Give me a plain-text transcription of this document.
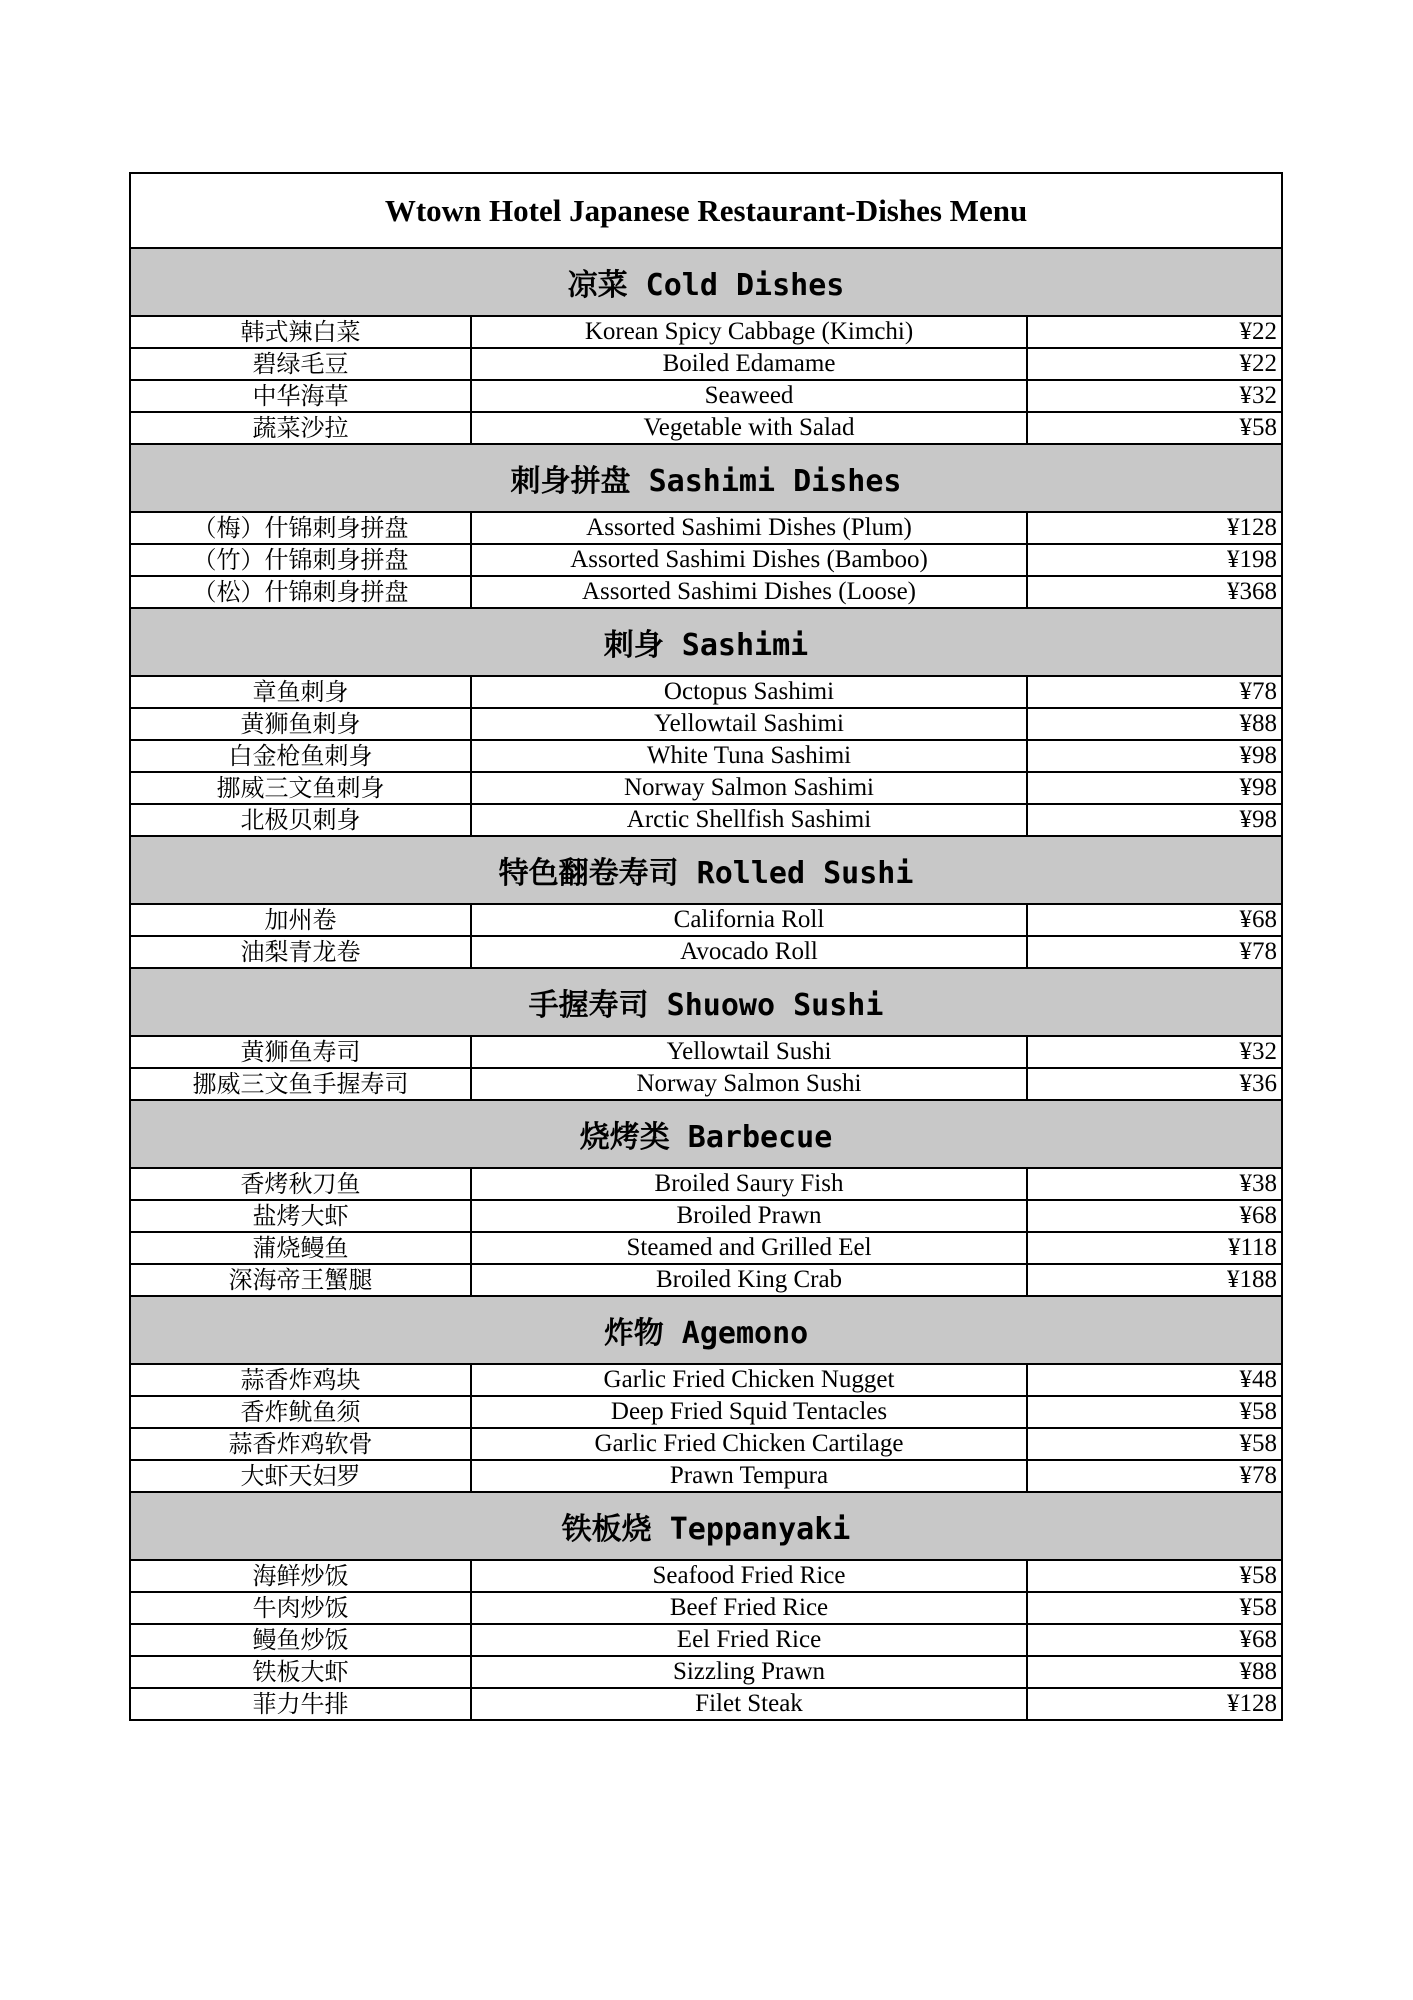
Wtown Hotel Japanese Restaurant-Dishes Menu		
凉菜 Cold Dishes		
韩式辣白菜	Korean Spicy Cabbage (Kimchi)	¥22
碧绿毛豆	Boiled Edamame	¥22
中华海草	Seaweed	¥32
蔬菜沙拉	Vegetable with Salad	¥58
刺身拼盘 Sashimi Dishes		
（梅）什锦刺身拼盘	Assorted Sashimi Dishes (Plum)	¥128
（竹）什锦刺身拼盘	Assorted Sashimi Dishes (Bamboo)	¥198
（松）什锦刺身拼盘	Assorted Sashimi Dishes (Loose)	¥368
刺身 Sashimi		
章鱼刺身	Octopus Sashimi	¥78
黄狮鱼刺身	Yellowtail Sashimi	¥88
白金枪鱼刺身	White Tuna Sashimi	¥98
挪威三文鱼刺身	Norway Salmon Sashimi	¥98
北极贝刺身	Arctic Shellfish Sashimi	¥98
特色翻卷寿司 Rolled Sushi		
加州卷	California Roll	¥68
油梨青龙卷	Avocado Roll	¥78
手握寿司 Shuowo Sushi		
黄狮鱼寿司	Yellowtail Sushi	¥32
挪威三文鱼手握寿司	Norway Salmon Sushi	¥36
烧烤类 Barbecue		
香烤秋刀鱼	Broiled Saury Fish	¥38
盐烤大虾	Broiled Prawn	¥68
蒲烧鳗鱼	Steamed and Grilled Eel	¥118
深海帝王蟹腿	Broiled King Crab	¥188
炸物 Agemono		
蒜香炸鸡块	Garlic Fried Chicken Nugget	¥48
香炸鱿鱼须	Deep Fried Squid Tentacles	¥58
蒜香炸鸡软骨	Garlic Fried Chicken Cartilage	¥58
大虾天妇罗	Prawn Tempura	¥78
铁板烧 Teppanyaki		
海鲜炒饭	Seafood Fried Rice	¥58
牛肉炒饭	Beef Fried Rice	¥58
鳗鱼炒饭	Eel Fried Rice	¥68
铁板大虾	Sizzling Prawn	¥88
菲力牛排	Filet Steak	¥128
